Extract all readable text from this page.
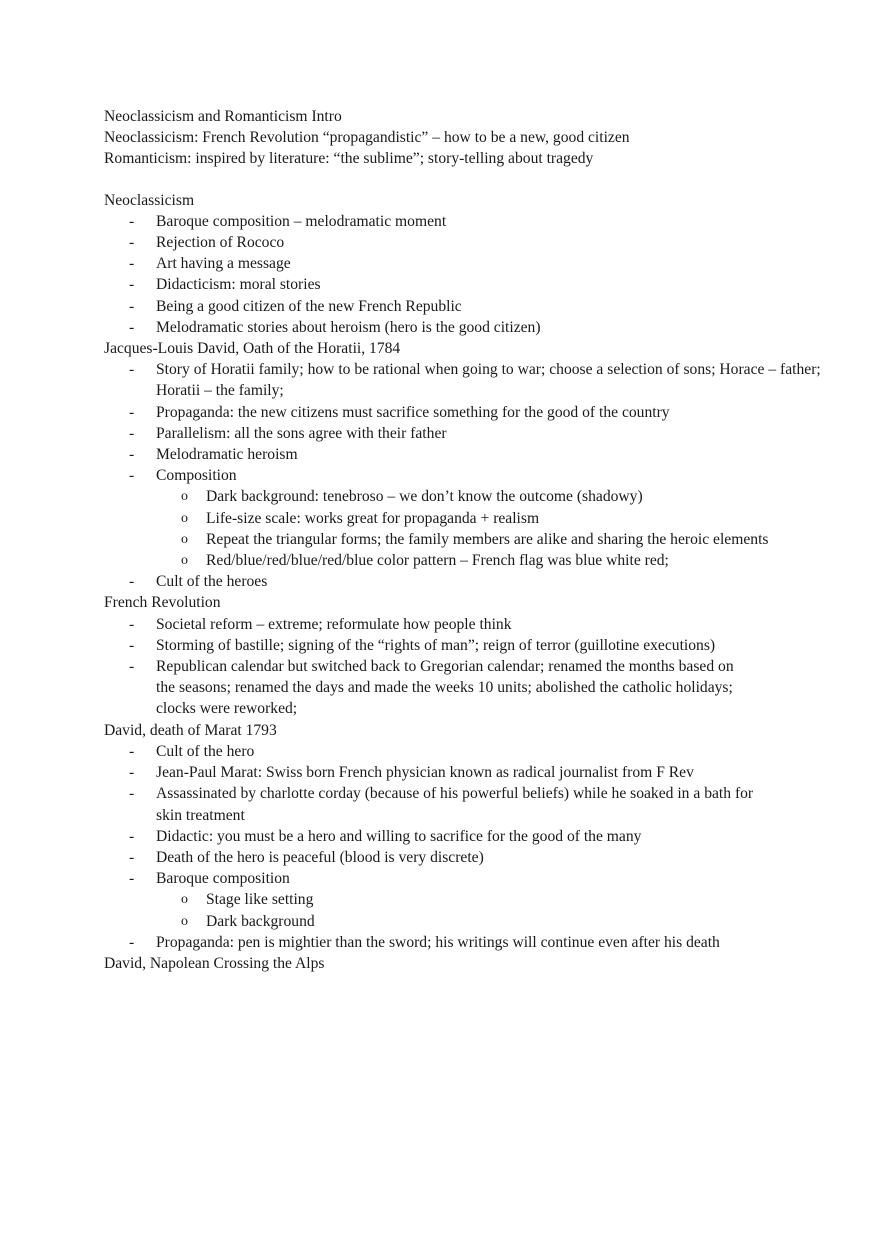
Neoclassicism and Romanticism Intro
Neoclassicism: French Revolution “propagandistic” – how to be a new, good citizen
Romanticism: inspired by literature: “the sublime”; story-telling about tragedy
Neoclassicism
- Baroque composition – melodramatic moment
- Rejection of Rococo
- Art having a message
- Didacticism: moral stories
- Being a good citizen of the new French Republic
- Melodramatic stories about heroism (hero is the good citizen)
Jacques-Louis David, Oath of the Horatii, 1784
- Story of Horatii family; how to be rational when going to war; choose a selection of sons; Horace – father; Horatii – the family;
- Propaganda: the new citizens must sacrifice something for the good of the country
- Parallelism: all the sons agree with their father
- Melodramatic heroism
- Composition
o Dark background: tenebroso – we don’t know the outcome (shadowy)
o Life-size scale: works great for propaganda + realism
o Repeat the triangular forms; the family members are alike and sharing the heroic elements
o Red/blue/red/blue/red/blue color pattern – French flag was blue white red;
- Cult of the heroes
French Revolution
- Societal reform – extreme; reformulate how people think
- Storming of bastille; signing of the “rights of man”; reign of terror (guillotine executions)
- Republican calendar but switched back to Gregorian calendar; renamed the months based on the seasons; renamed the days and made the weeks 10 units; abolished the catholic holidays; clocks were reworked;
David, death of Marat 1793
- Cult of the hero
- Jean-Paul Marat: Swiss born French physician known as radical journalist from F Rev
- Assassinated by charlotte corday (because of his powerful beliefs) while he soaked in a bath for skin treatment
- Didactic: you must be a hero and willing to sacrifice for the good of the many
- Death of the hero is peaceful (blood is very discrete)
- Baroque composition
o Stage like setting
o Dark background
- Propaganda: pen is mightier than the sword; his writings will continue even after his death
David, Napolean Crossing the Alps
